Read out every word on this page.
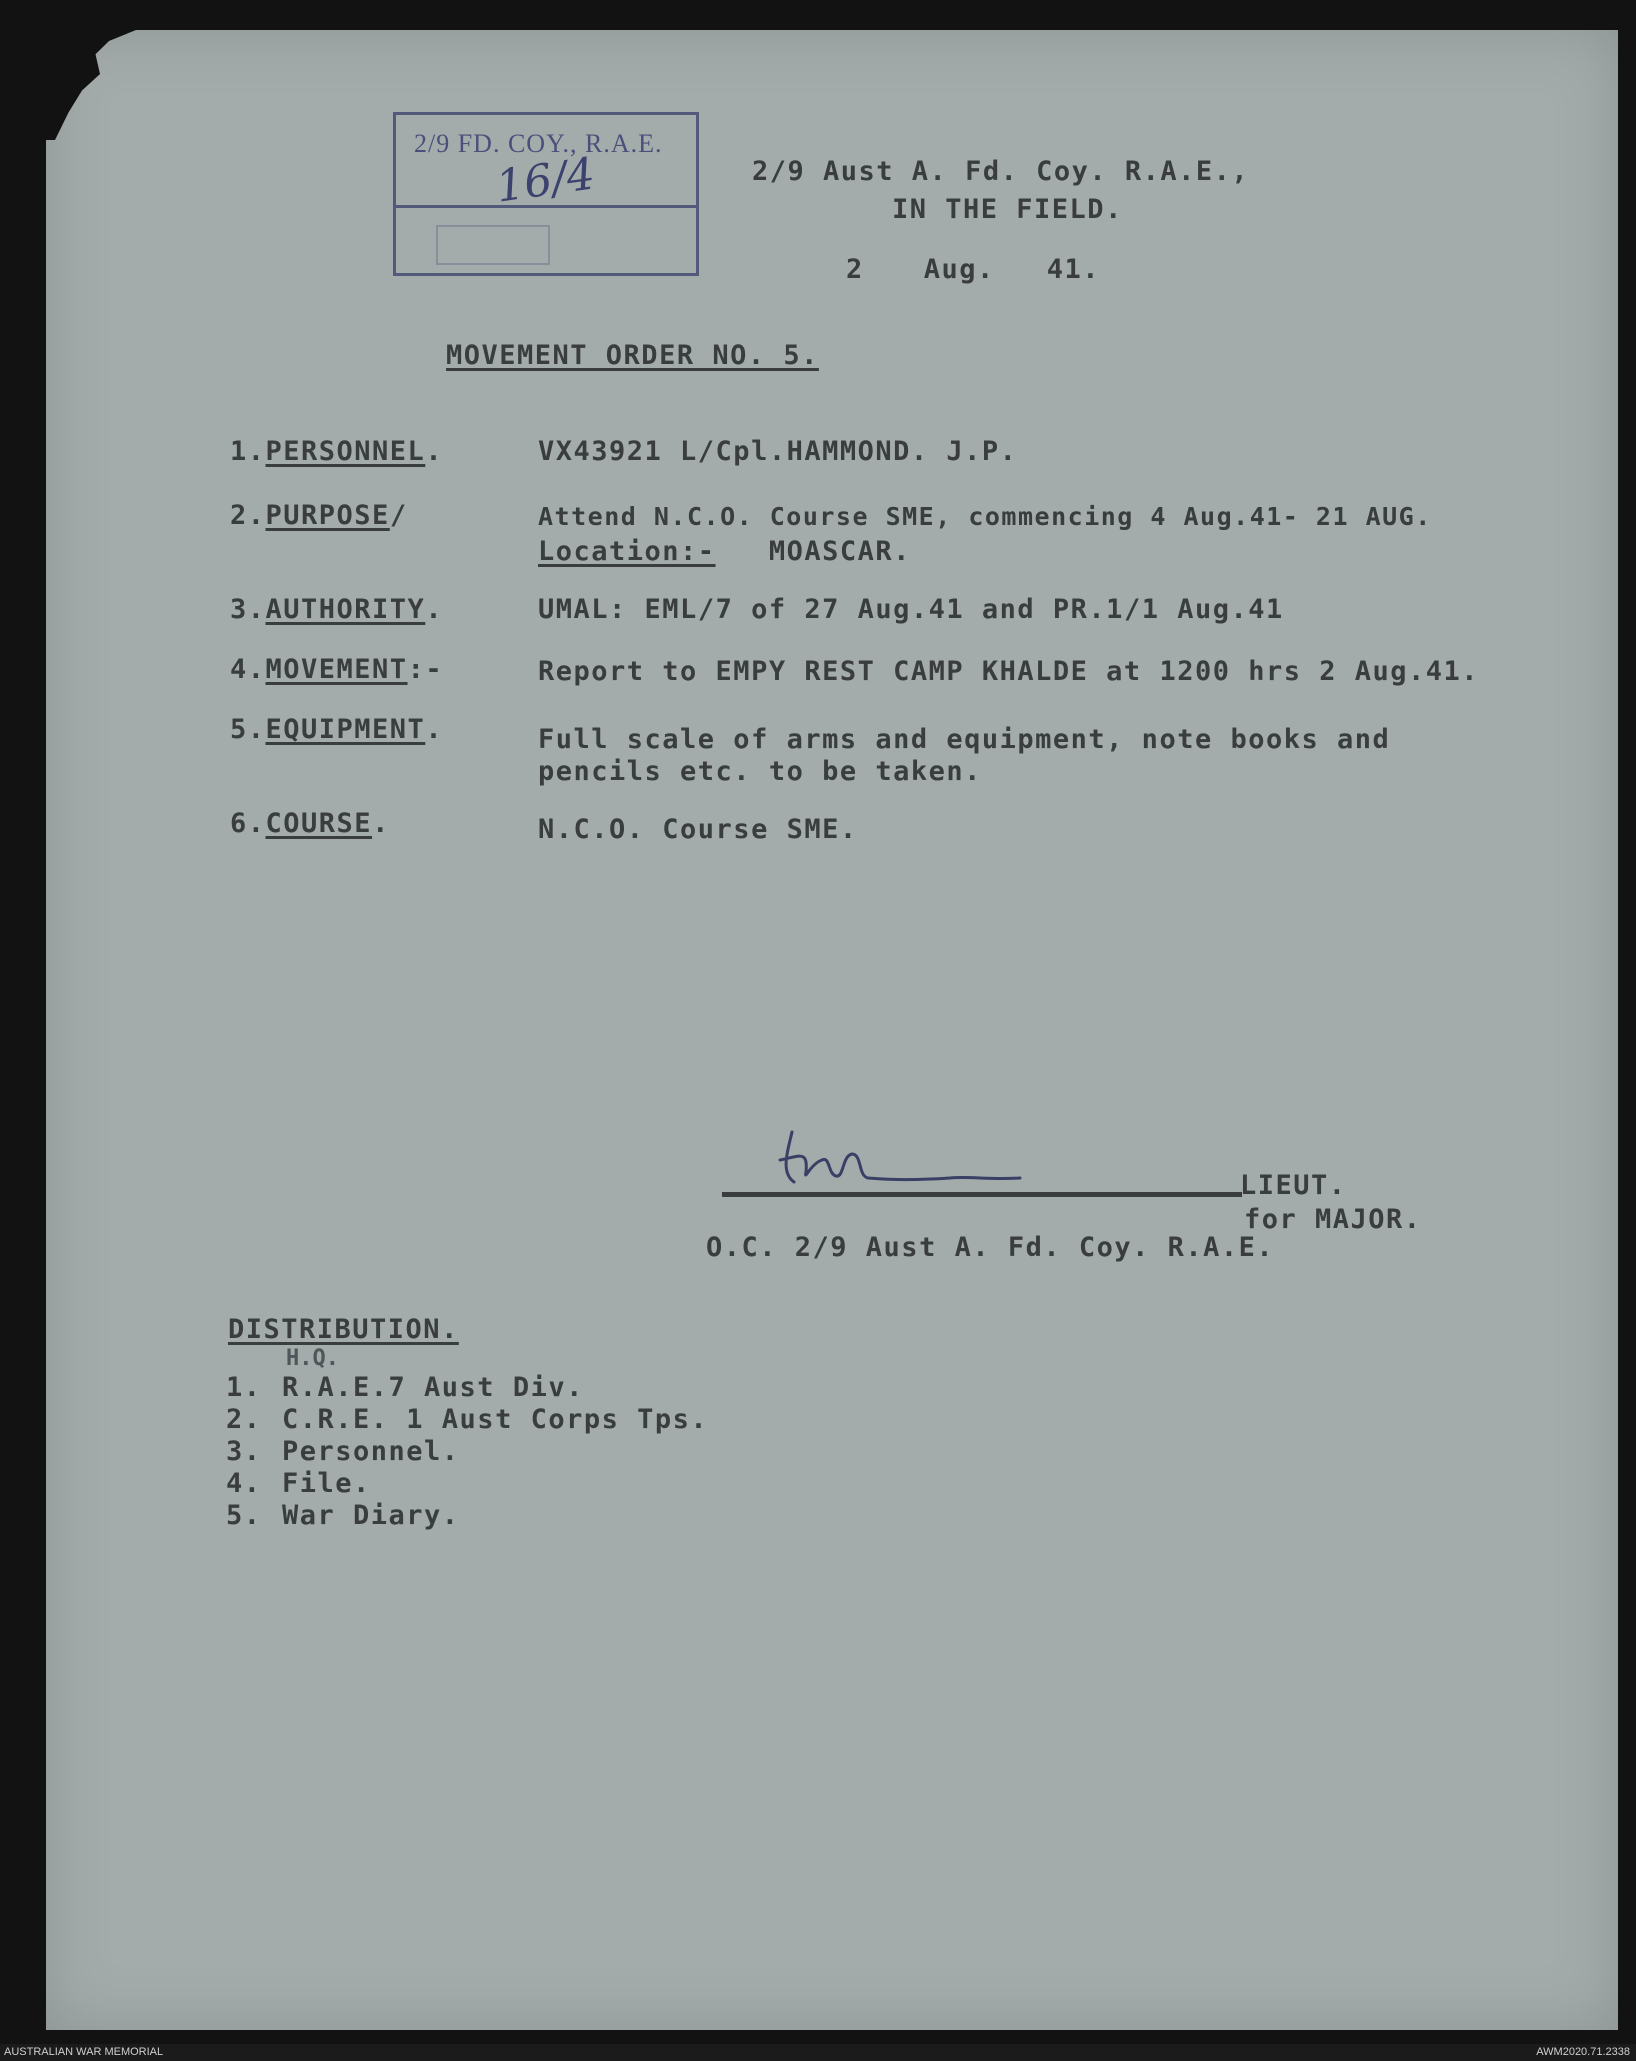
2/9 FD. COY., R.A.E.
16/4	2/9 Aust A. Fd. Coy. R.A.E.,
IN THE FIELD.
2 Aug. 41.
MOVEMENT ORDER NO. 5.
1.PERSONNEL.	VX43921 L/Cpl.HAMMOND. J.P.
2.PURPOSE/	Attend N.C.O. Course SME, commencing 4 Aug.41- 21 AUG.
Location:- MOASCAR.
3.AUTHORITY.	UMAL: EML/7 of 27 Aug.41 and PR.1/1 Aug.41
4.MOVEMENT:-	Report to EMPY REST CAMP KHALDE at 1200 hrs 2 Aug.41.
5.EQUIPMENT.	Full scale of arms and equipment, note books and
pencils etc. to be taken.
6.COURSE.	N.C.O. Course SME.
LIEUT.
for MAJOR.
O.C. 2/9 Aust A. Fd. Coy. R.A.E.
DISTRIBUTION.
H.Q.
1. R.A.E.7 Aust Div.
2. C.R.E. 1 Aust Corps Tps.
3. Personnel.
4. File.
5. War Diary.
AUSTRALIAN WAR MEMORIAL	AWM2020.71.2338
